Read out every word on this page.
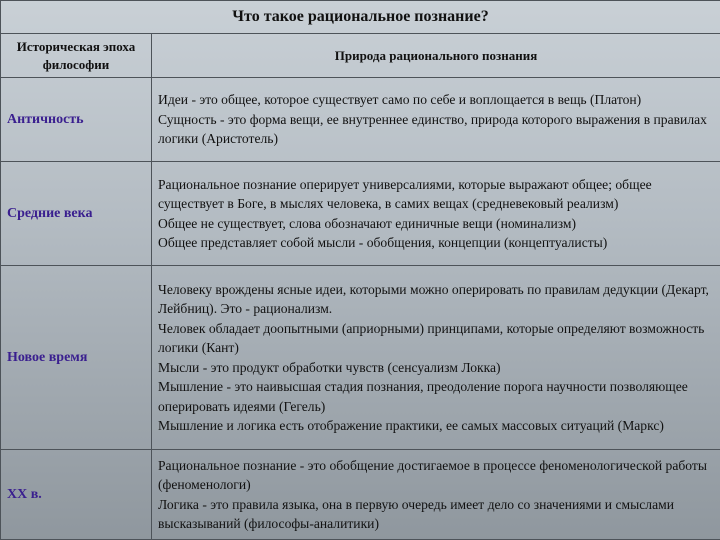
Что такое рациональное познание?	
Историческая эпоха философии	Природа рационального познания
Античность	Идеи - это общее, которое существует само по себе и воплощается в вещь (Платон)
Сущность - это форма вещи, ее внутреннее единство, природа которого выражения в правилах логики (Аристотель)

Средние века	Рациональное познание оперирует универсалиями, которые выражают общее; общее существует в Боге, в мыслях человека, в самих вещах (средневековый реализм)
Общее не существует, слова обозначают единичные вещи (номинализм)
Общее представляет собой мысли - обобщения, концепции (концептуалисты)

Новое время	Человеку врождены ясные идеи, которыми можно оперировать по правилам дедукции (Декарт, Лейбниц). Это - рационализм.
Человек обладает доопытными (априорными) принципами, которые определяют возможность логики (Кант)
Мысли - это продукт обработки чувств (сенсуализм Локка)
Мышление - это наивысшая стадия познания, преодоление порога научности позволяющее оперировать идеями (Гегель)
Мышление и логика есть отображение практики, ее самых массовых ситуаций (Маркс)

XX в.	Рациональное познание - это обобщение достигаемое в процессе феноменологической работы (феноменологи)
Логика - это правила языка, она в первую очередь имеет дело со значениями и смыслами высказываний (философы-аналитики)
